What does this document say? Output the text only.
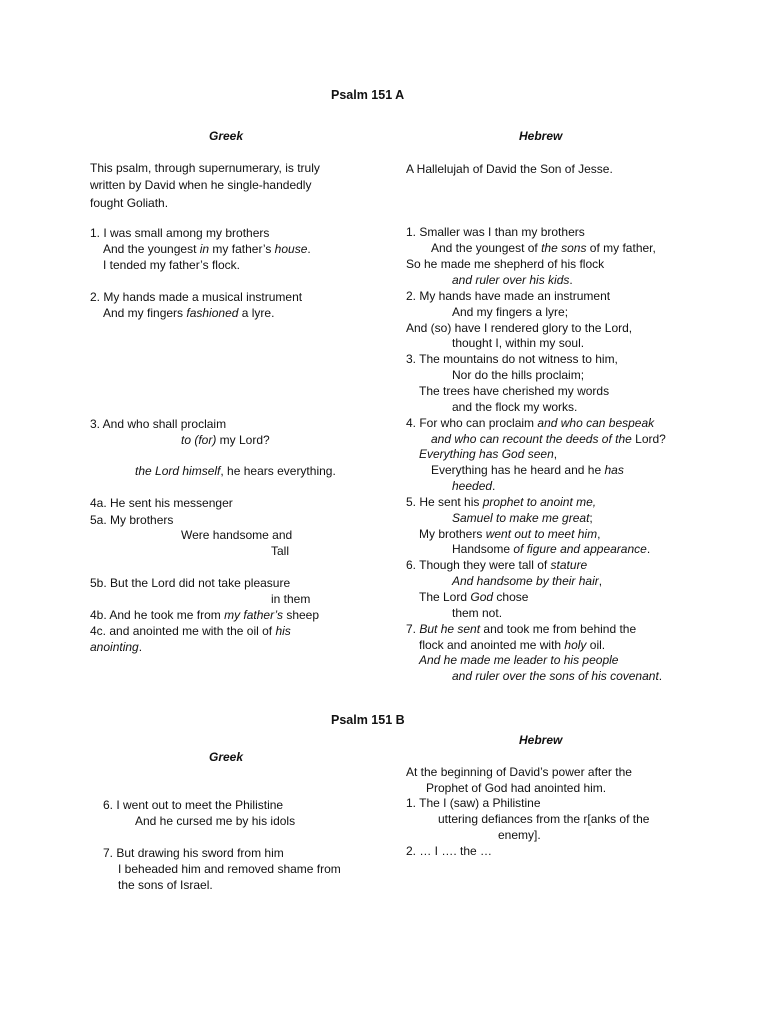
Psalm 151 A
Greek
This psalm, through supernumerary, is truly
written by David when he single-handedly
fought Goliath.
1. I was small among my brothers
And the youngest in my father’s house.
I tended my father’s flock.
2. My hands made a musical instrument
And my fingers fashioned a lyre.
3. And who shall proclaim
to (for) my Lord?
the Lord himself, he hears everything.
4a. He sent his messenger
5a. My brothers
Were handsome and
Tall
5b. But the Lord did not take pleasure
in them
4b. And he took me from my father’s sheep
4c. and anointed me with the oil of his
anointing.
Hebrew
A Hallelujah of David the Son of Jesse.
1. Smaller was I than my brothers
And the youngest of the sons of my father,
So he made me shepherd of his flock
and ruler over his kids.
2. My hands have made an instrument
And my fingers a lyre;
And (so) have I rendered glory to the Lord,
thought I, within my soul.
3. The mountains do not witness to him,
Nor do the hills proclaim;
The trees have cherished my words
and the flock my works.
4. For who can proclaim and who can bespeak
and who can recount the deeds of the Lord?
Everything has God seen,
Everything has he heard and he has
heeded.
5. He sent his prophet to anoint me,
Samuel to make me great;
My brothers went out to meet him,
Handsome of figure and appearance.
6. Though they were tall of stature
And handsome by their hair,
The Lord God chose
them not.
7. But he sent and took me from behind the
flock and anointed me with holy oil.
And he made me leader to his people
and ruler over the sons of his covenant.
Psalm 151 B
Greek
6. I went out to meet the Philistine
And he cursed me by his idols
7. But drawing his sword from him
I beheaded him and removed shame from
the sons of Israel.
Hebrew
At the beginning of David’s power after the
Prophet of God had anointed him.
1. The I (saw) a Philistine
uttering defiances from the r[anks of the
enemy].
2. … I …. the …
